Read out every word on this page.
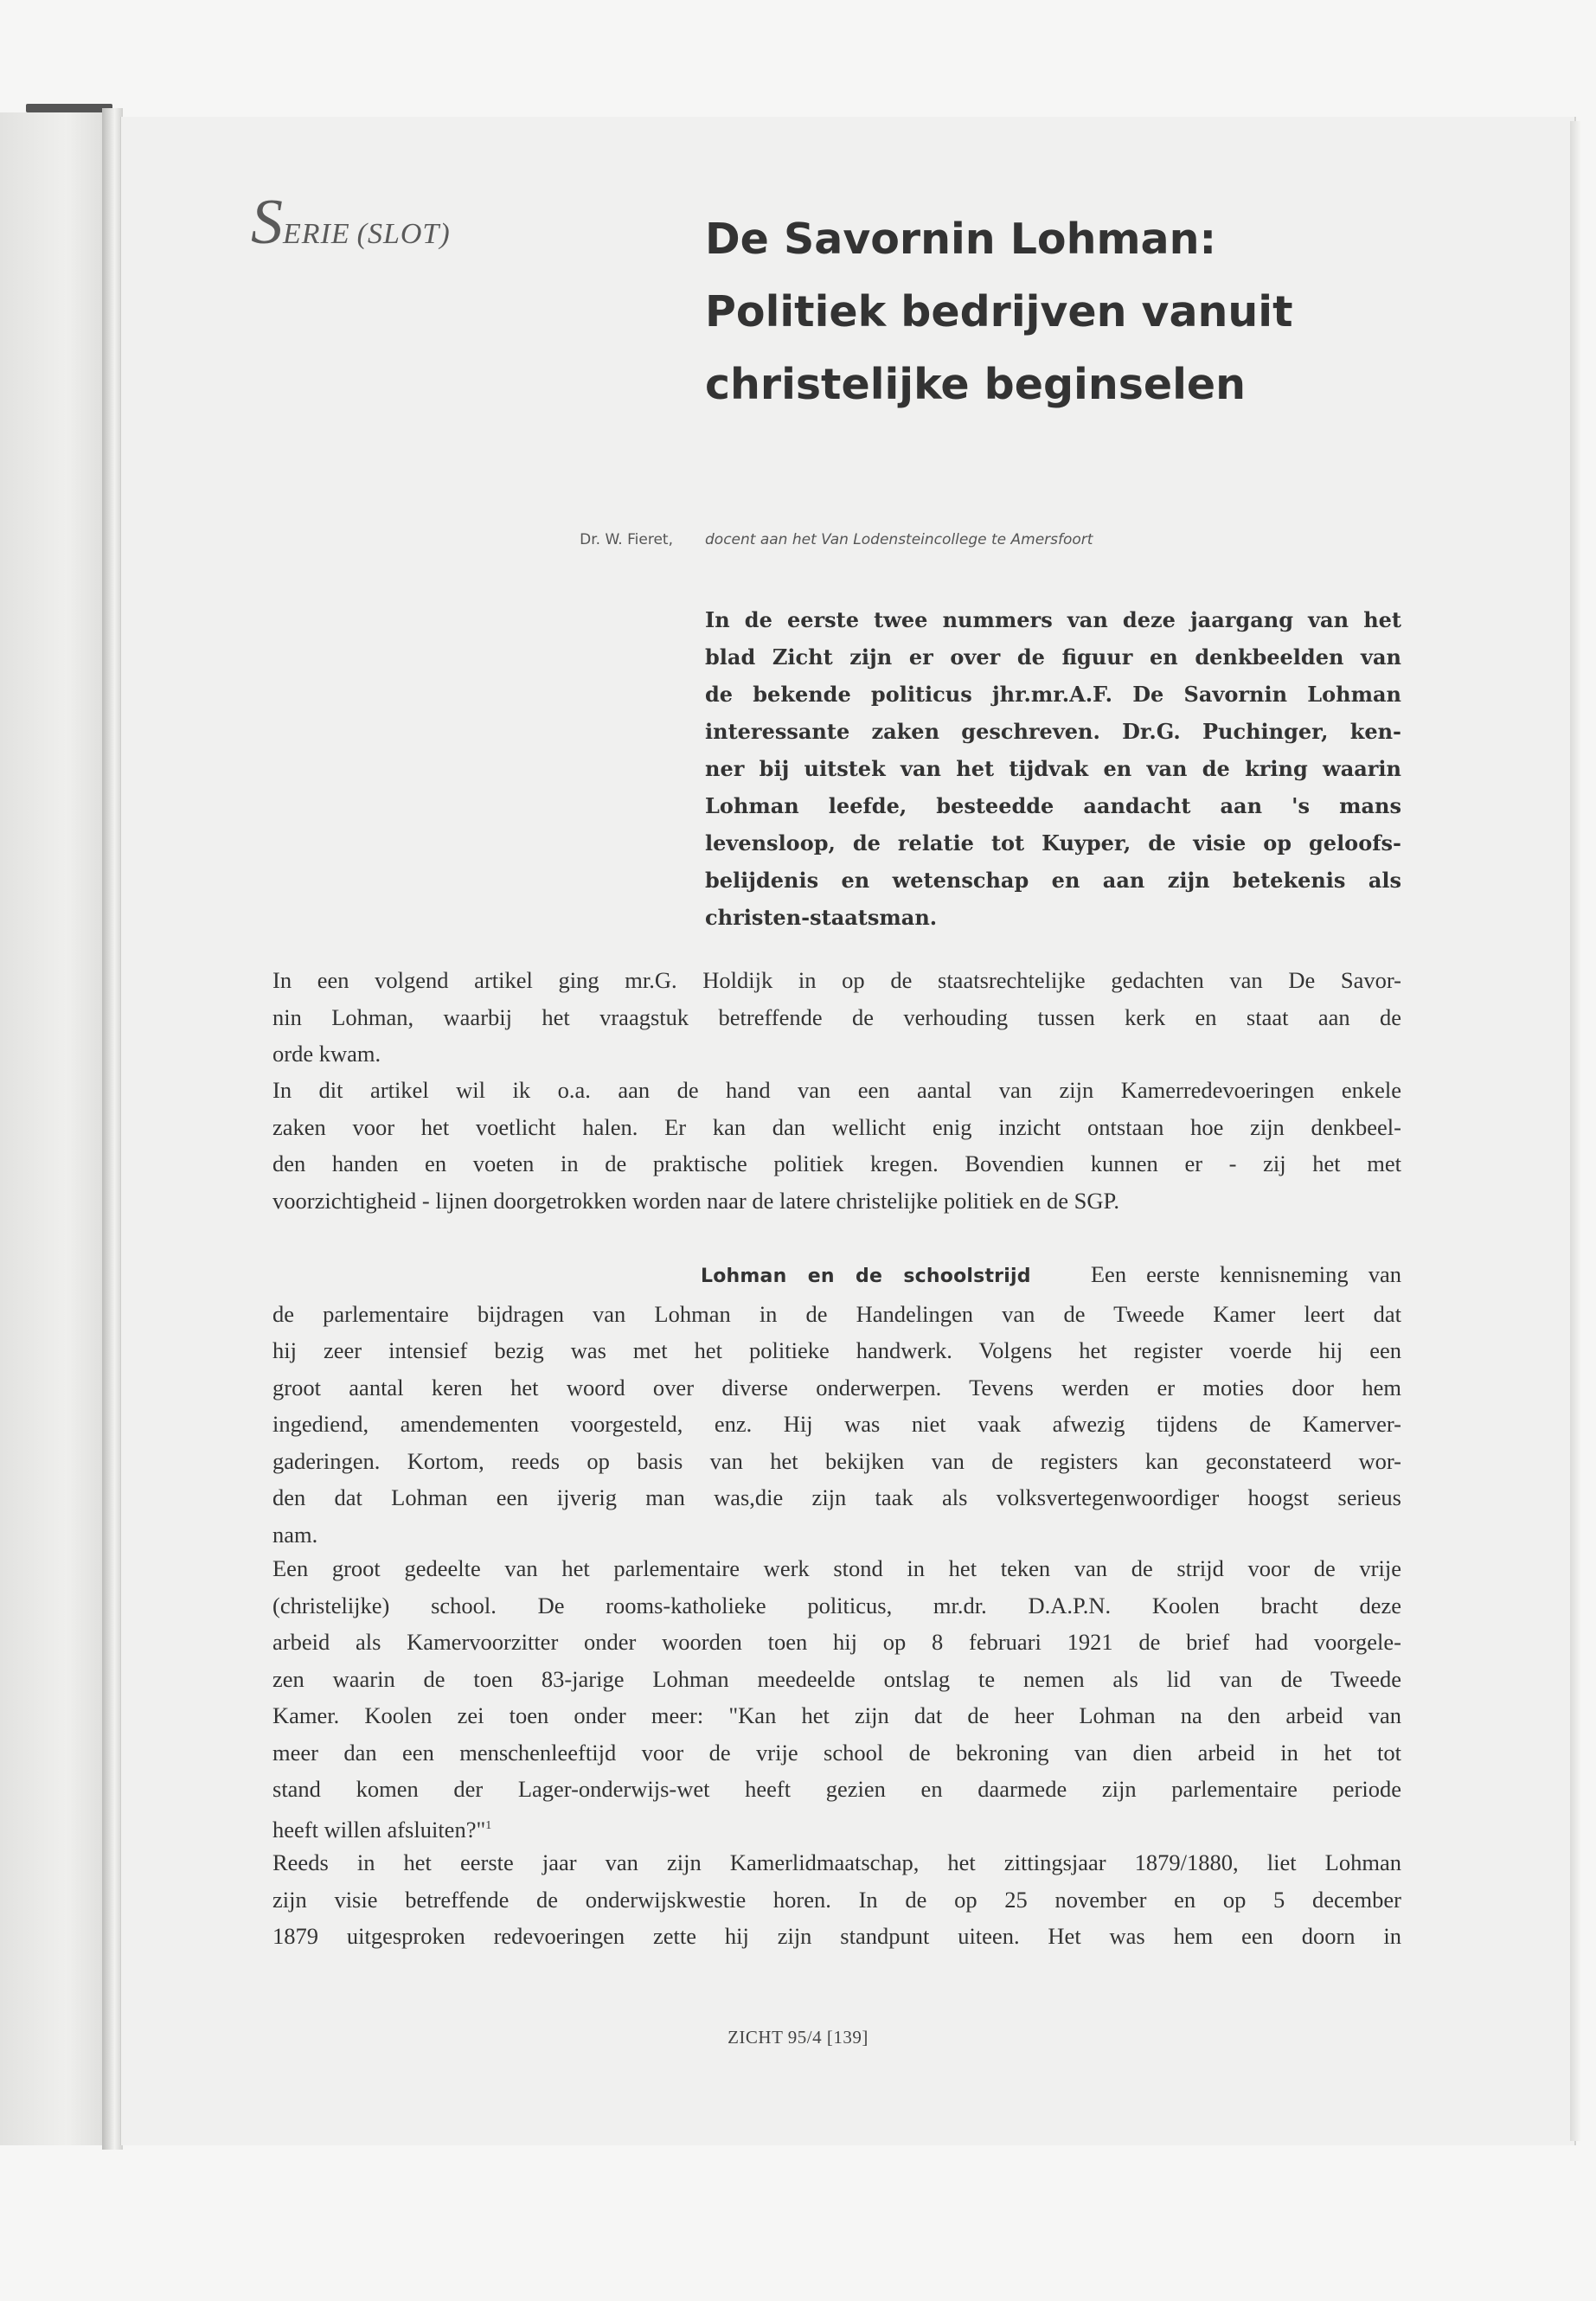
SERIE (SLOT)	De Savornin Lohman:
Politiek bedrijven vanuit
christelijke beginselen
Dr. W. Fieret, docent aan het Van Lodensteincollege te Amersfoort
In de eerste twee nummers van deze jaargang van het
blad Zicht zijn er over de figuur en denkbeelden van
de bekende politicus jhr.mr.A.F. De Savornin Lohman
interessante zaken geschreven. Dr.G. Puchinger, ken-
ner bij uitstek van het tijdvak en van de kring waarin
Lohman leefde, besteedde aandacht aan 's mans
levensloop, de relatie tot Kuyper, de visie op geloofs-
belijdenis en wetenschap en aan zijn betekenis als
christen-staatsman.
In een volgend artikel ging mr.G. Holdijk in op de staatsrechtelijke gedachten van De Savor-
nin Lohman, waarbij het vraagstuk betreffende de verhouding tussen kerk en staat aan de
orde kwam.
In dit artikel wil ik o.a. aan de hand van een aantal van zijn Kamerredevoeringen enkele
zaken voor het voetlicht halen. Er kan dan wellicht enig inzicht ontstaan hoe zijn denkbeel-
den handen en voeten in de praktische politiek kregen. Bovendien kunnen er - zij het met
voorzichtigheid - lijnen doorgetrokken worden naar de latere christelijke politiek en de SGP.
Lohman en de schoolstrijd	Een eerste kennisneming van
de parlementaire bijdragen van Lohman in de Handelingen van de Tweede Kamer leert dat
hij zeer intensief bezig was met het politieke handwerk. Volgens het register voerde hij een
groot aantal keren het woord over diverse onderwerpen. Tevens werden er moties door hem
ingediend, amendementen voorgesteld, enz. Hij was niet vaak afwezig tijdens de Kamerver-
gaderingen. Kortom, reeds op basis van het bekijken van de registers kan geconstateerd wor-
den dat Lohman een ijverig man was,die zijn taak als volksvertegenwoordiger hoogst serieus
nam.
Een groot gedeelte van het parlementaire werk stond in het teken van de strijd voor de vrije
(christelijke) school. De rooms-katholieke politicus, mr.dr. D.A.P.N. Koolen bracht deze
arbeid als Kamervoorzitter onder woorden toen hij op 8 februari 1921 de brief had voorgele-
zen waarin de toen 83-jarige Lohman meedeelde ontslag te nemen als lid van de Tweede
Kamer. Koolen zei toen onder meer: "Kan het zijn dat de heer Lohman na den arbeid van
meer dan een menschenleeftijd voor de vrije school de bekroning van dien arbeid in het tot
stand komen der Lager-onderwijs-wet heeft gezien en daarmede zijn parlementaire periode
heeft willen afsluiten?"$^1$
Reeds in het eerste jaar van zijn Kamerlidmaatschap, het zittingsjaar 1879/1880, liet Lohman
zijn visie betreffende de onderwijskwestie horen. In de op 25 november en op 5 december
1879 uitgesproken redevoeringen zette hij zijn standpunt uiteen. Het was hem een doorn in
ZICHT 95/4 [139]
